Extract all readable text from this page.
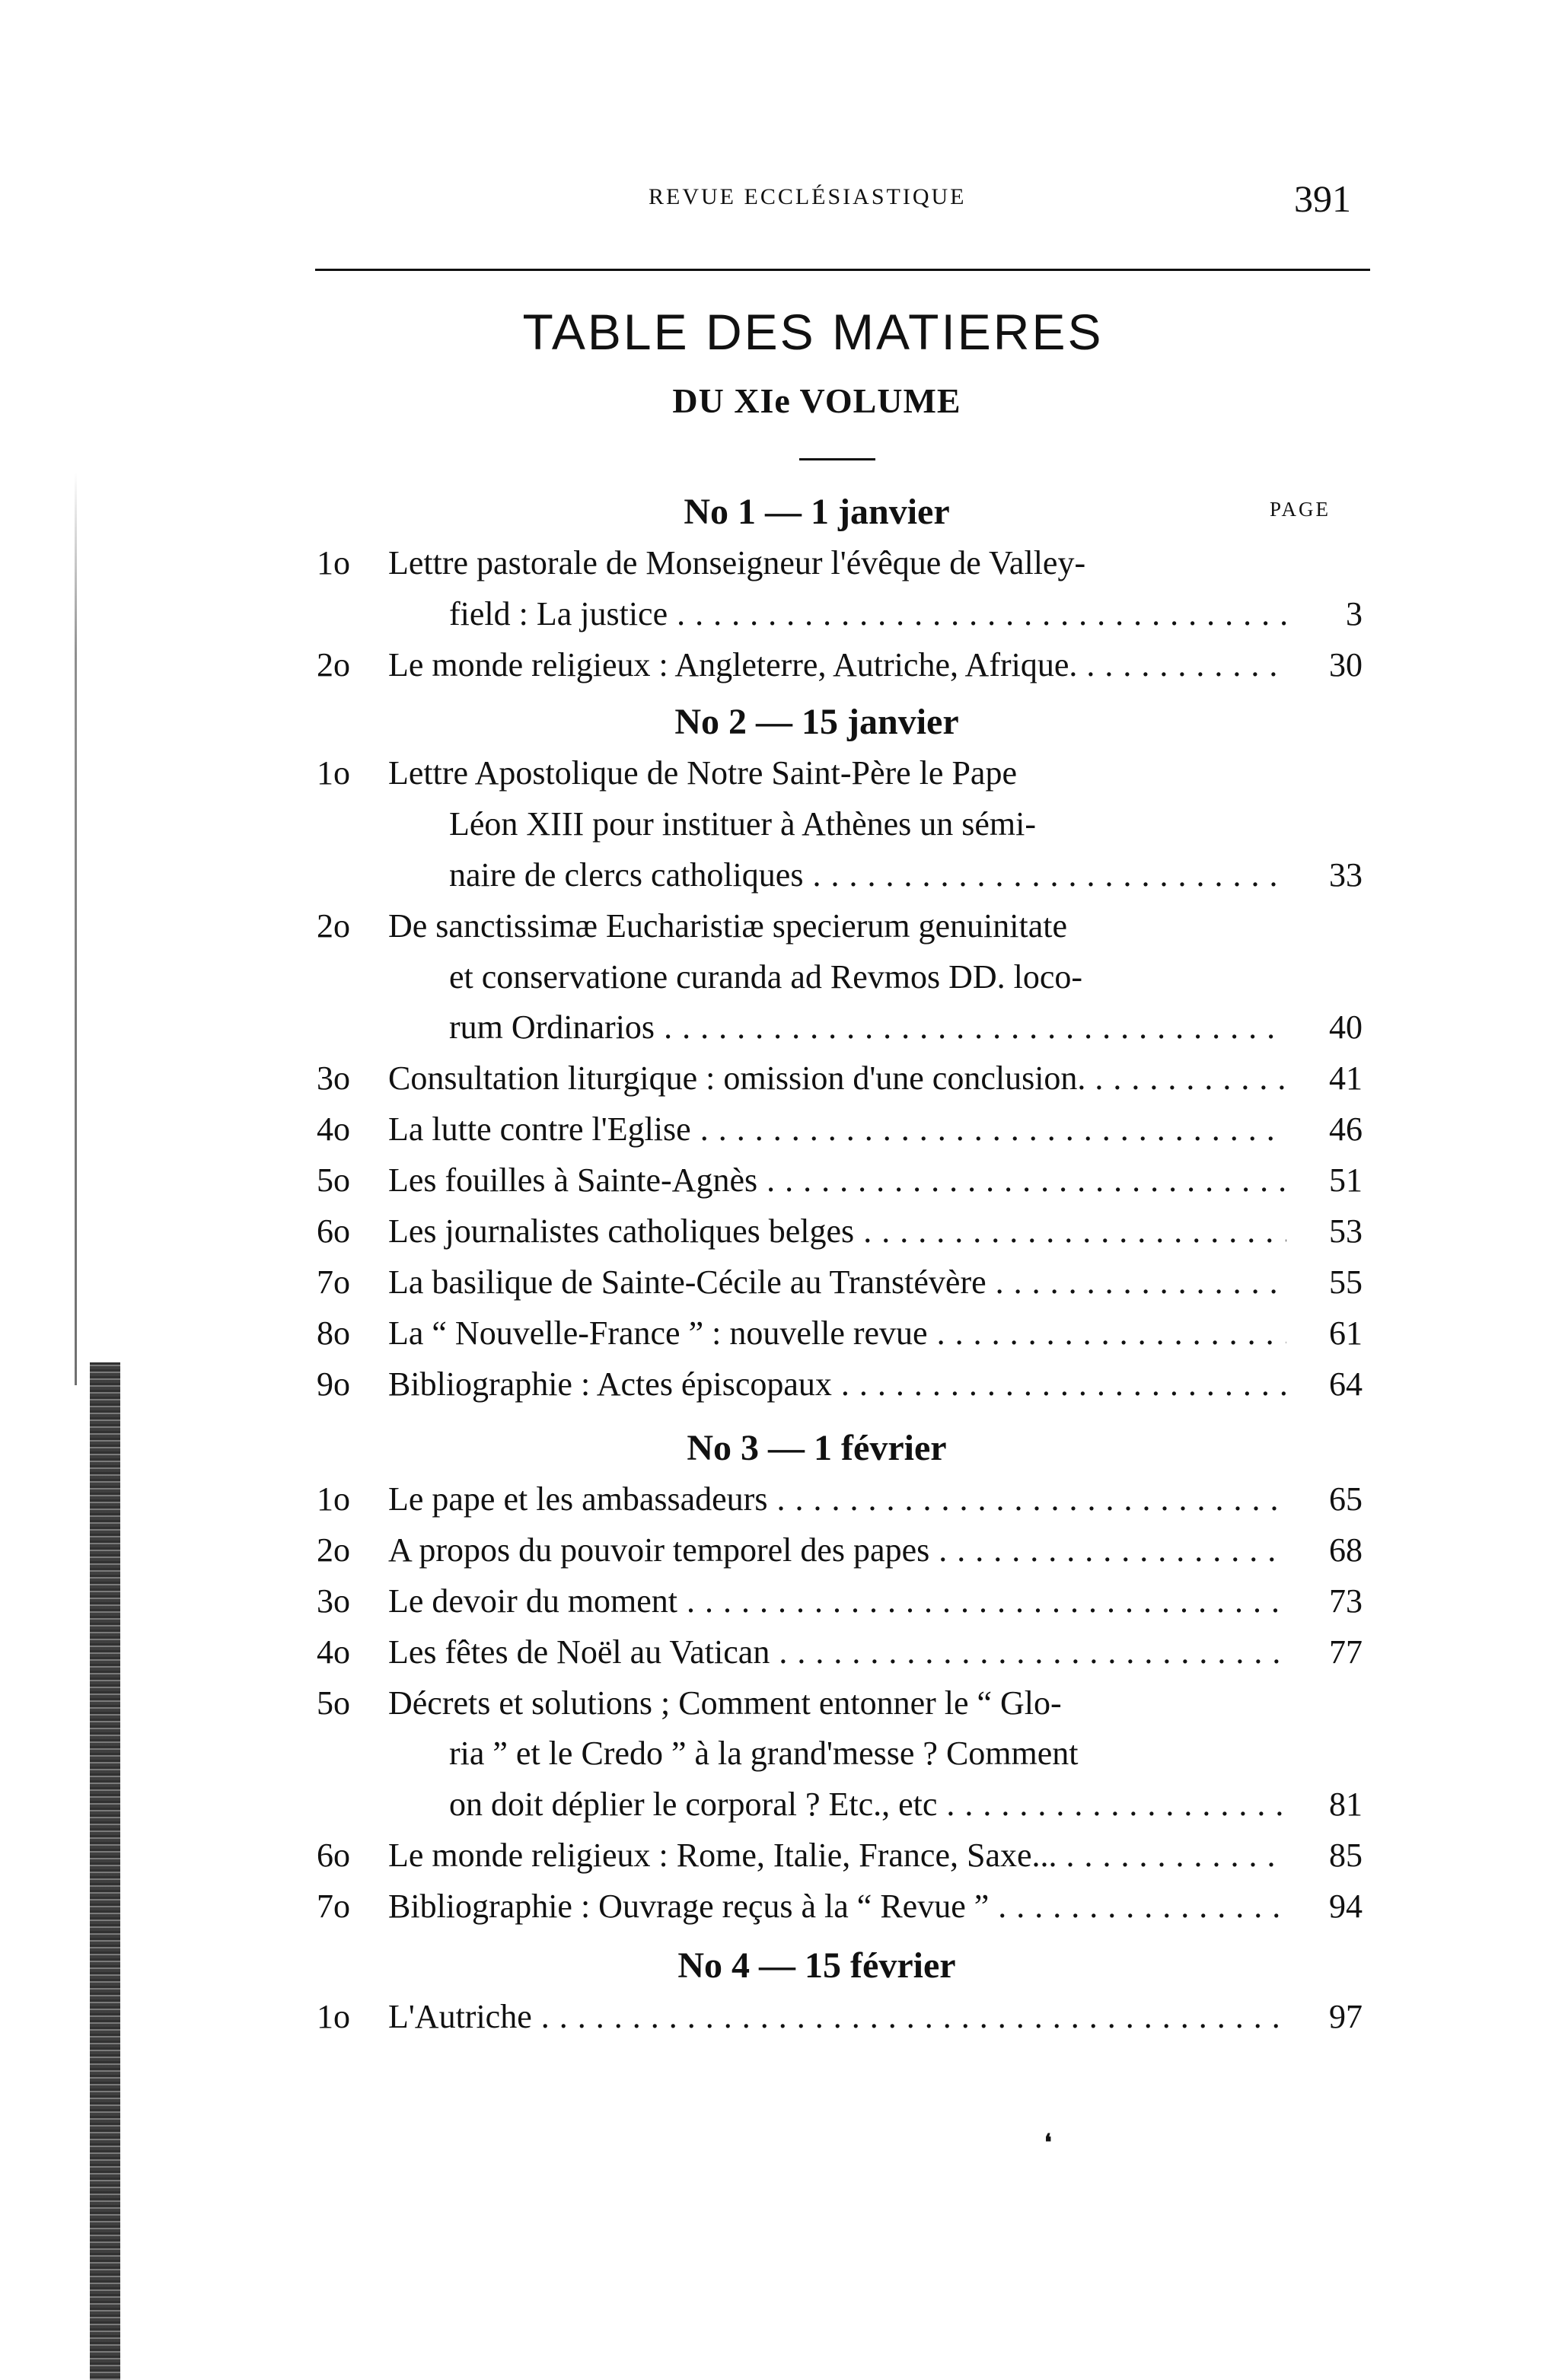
REVUE ECCLÉSIASTIQUE	391
TABLE DES MATIERES
DU XIe VOLUME
No 1 — 1 janvier	PAGE
1o	Lettre pastorale de Monseigneur l'évêque de Valley-
field : La justice . . .	3
2o	Le monde religieux : Angleterre, Autriche, Afrique. . . .	30
No 2 — 15 janvier
1o	Lettre Apostolique de Notre Saint-Père le Pape
Léon XIII pour instituer à Athènes un sémi-
naire de clercs catholiques . . .	33
2o	De sanctissimæ Eucharistiæ specierum genuinitate
et conservatione curanda ad Revmos DD. loco-
rum Ordinarios . . .	40
3o	Consultation liturgique : omission d'une conclusion. . . .	41
4o	La lutte contre l'Eglise . . .	46
5o	Les fouilles à Sainte-Agnès . . .	51
6o	Les journalistes catholiques belges . . .	53
7o	La basilique de Sainte-Cécile au Transtévère . . .	55
8o	La “ Nouvelle-France ” : nouvelle revue . . .	61
9o	Bibliographie : Actes épiscopaux . . .	64
No 3 — 1 février
1o	Le pape et les ambassadeurs . . .	65
2o	A propos du pouvoir temporel des papes . . .	68
3o	Le devoir du moment . . .	73
4o	Les fêtes de Noël au Vatican . . .	77
5o	Décrets et solutions ; Comment entonner le “ Glo-
ria ” et le Credo ” à la grand'messe ? Comment
on doit déplier le corporal ? Etc., etc . . .	81
6o	Le monde religieux : Rome, Italie, France, Saxe... . . .	85
7o	Bibliographie : Ouvrage reçus à la “ Revue ” . . .	94
No 4 — 15 février
1o	L'Autriche . . .	97
❛
